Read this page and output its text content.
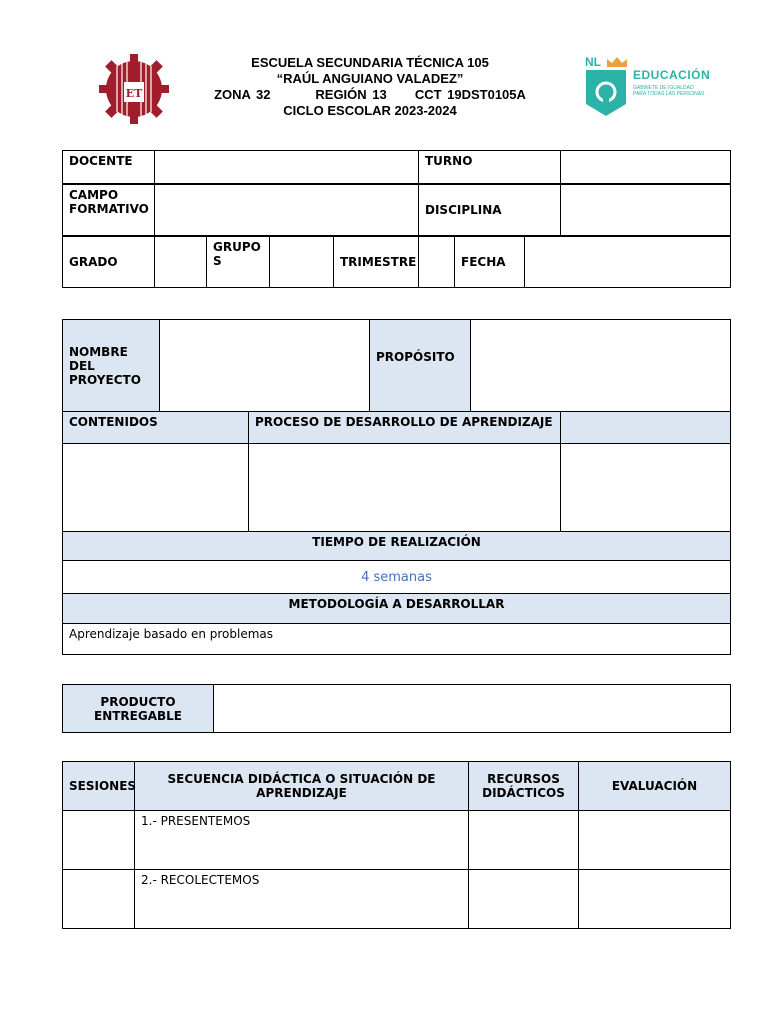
ET
ESCUELA SECUNDARIA TÉCNICA 105
“RAÚL ANGUIANO VALADEZ”
ZONA 32	REGIÓN 13 CCT 19DST0105A
CICLO ESCOLAR 2023-2024
NL
EDUCACIÓN
GABINETE DE IGUALDAD
PARA TODAS LAS PERSONAS
DOCENTE					TURNO			
CAMPO FORMATIVO					DISCIPLINA			
GRADO		GRUPO S		TRIMESTRE		FECHA		
NOMBRE DEL PROYECTO			PROPÓSITO		
CONTENIDOS		PROCESO DE DESARROLLO DE APRENDIZAJE			

TIEMPO DE REALIZACIÓN					
4 semanas					
METODOLOGÍA A DESARROLLAR					
Aprendizaje basado en problemas					
PRODUCTO ENTREGABLE	
SESIONES	SECUENCIA DIDÁCTICA O SITUACIÓN DE APRENDIZAJE	RECURSOS DIDÁCTICOS	EVALUACIÓN
	1.- PRESENTEMOS		
	2.- RECOLECTEMOS		
